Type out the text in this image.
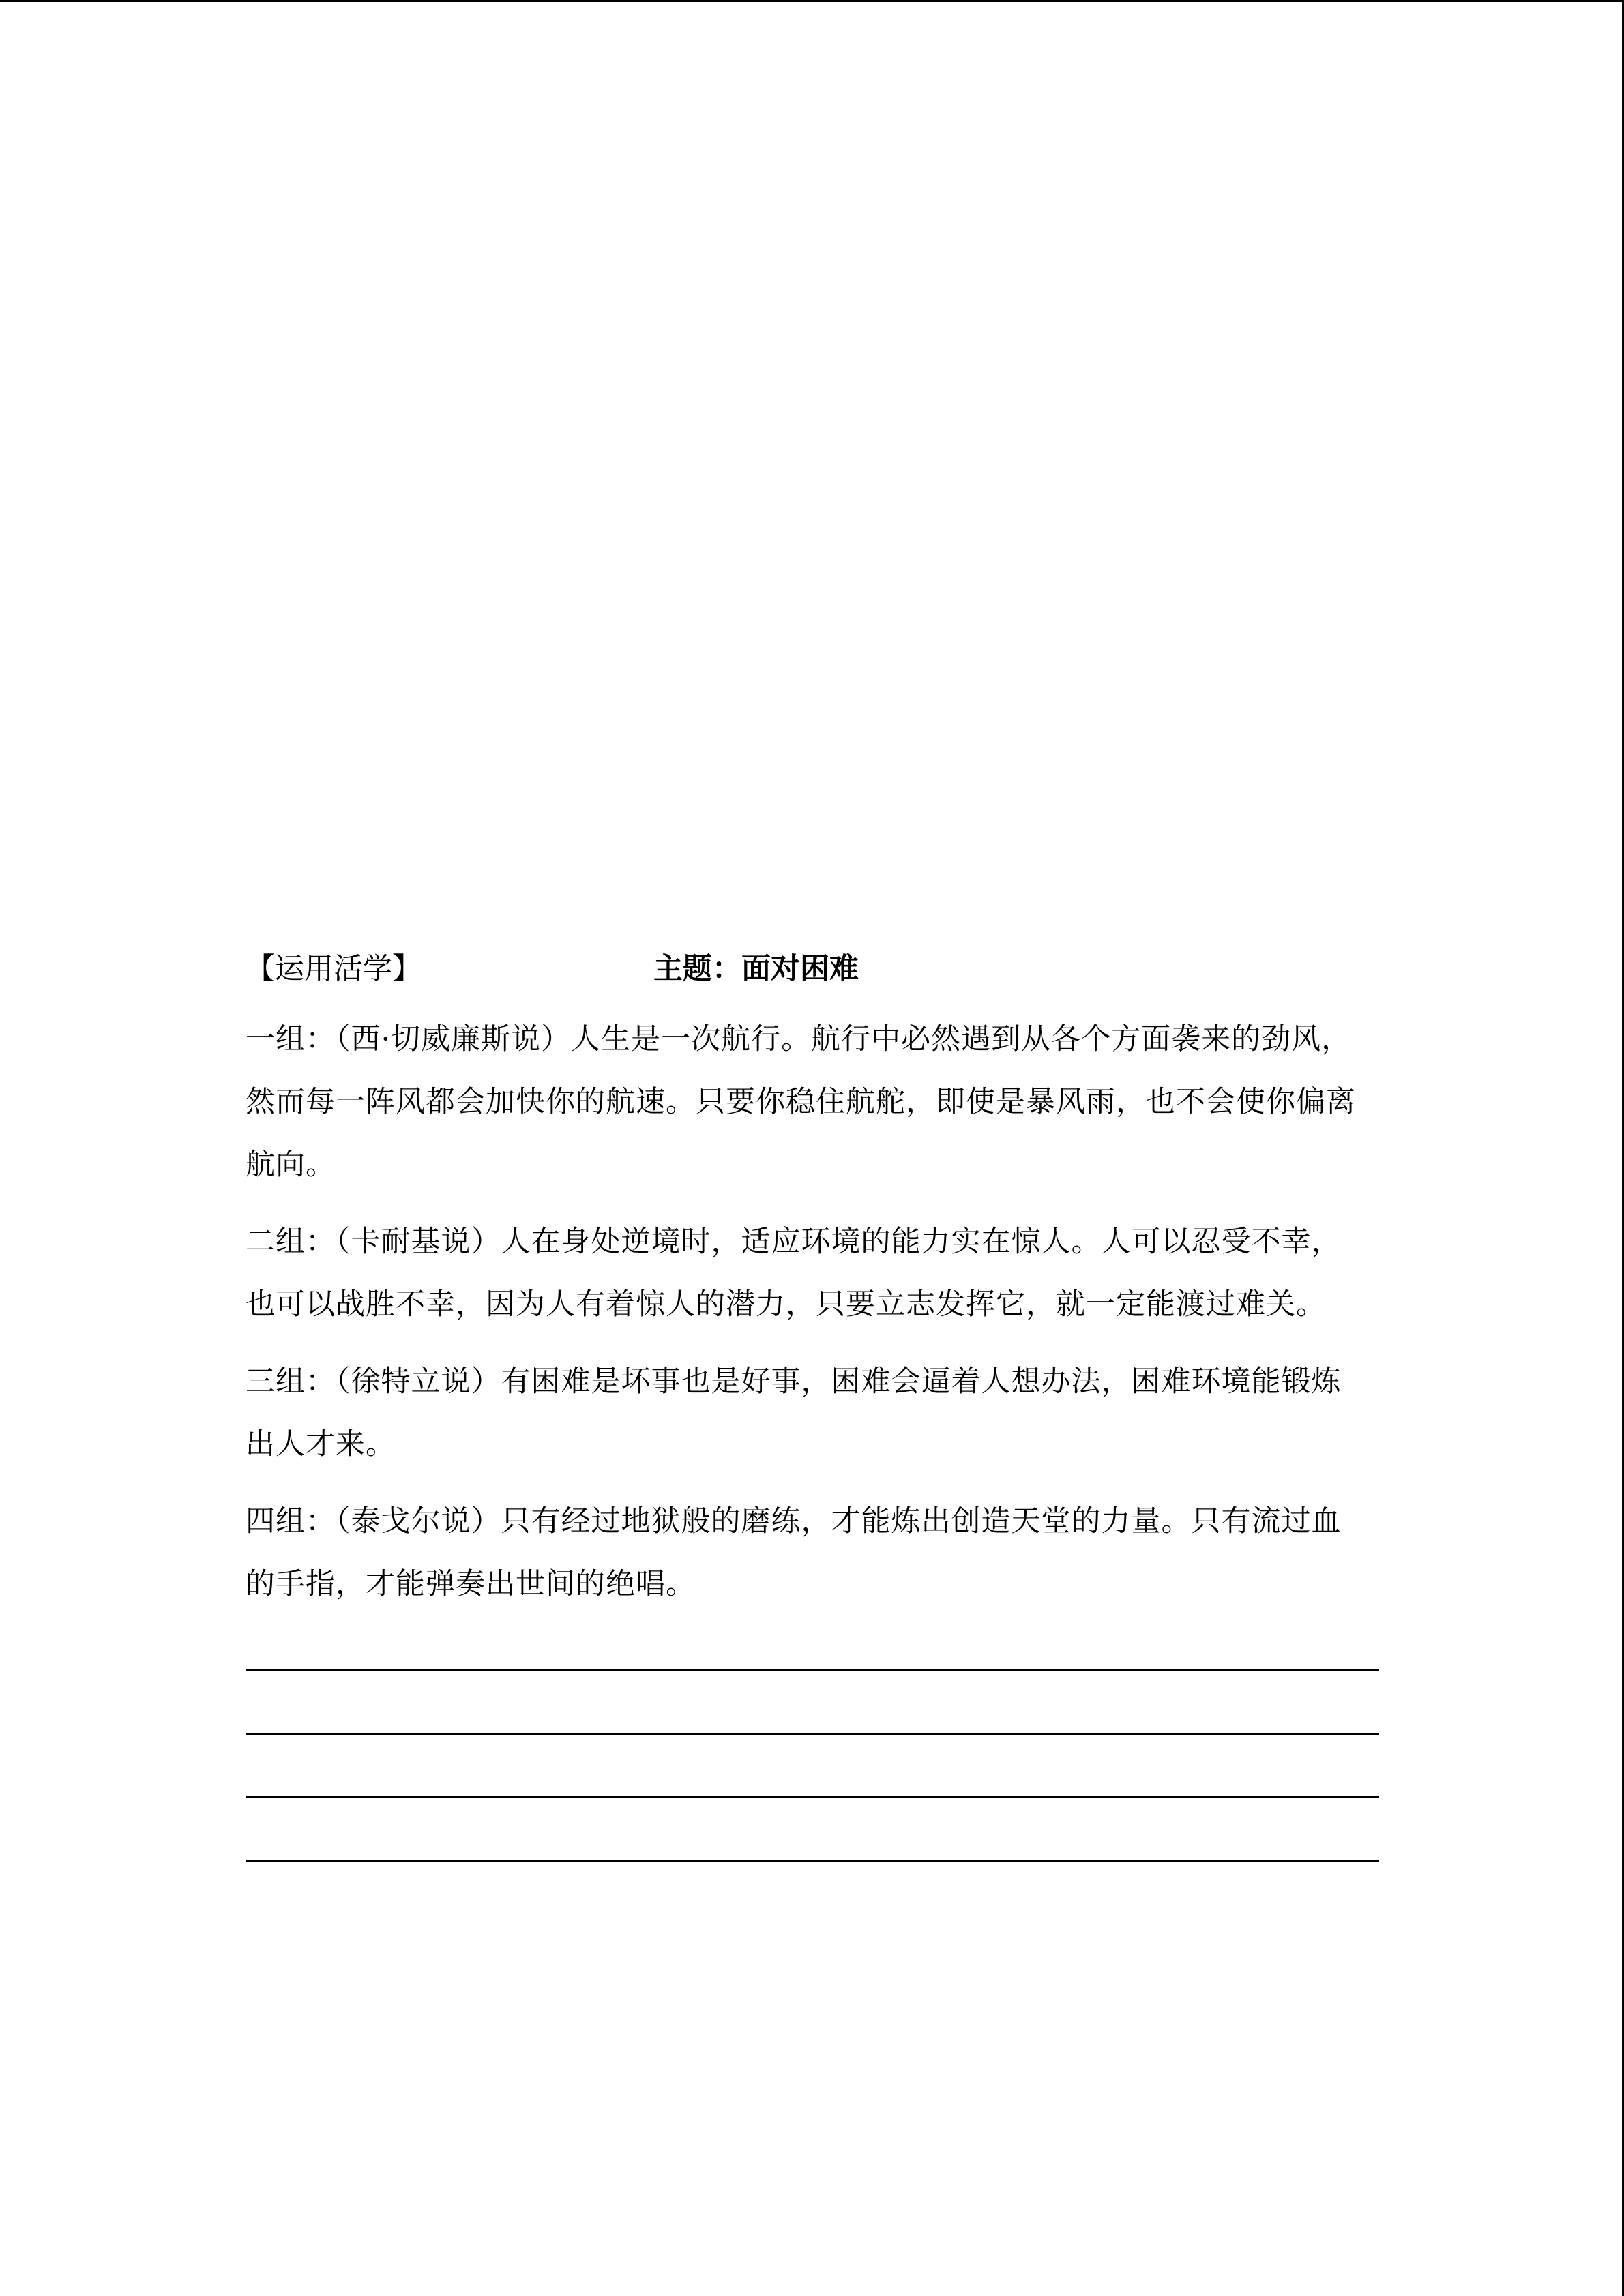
【运用活学】	主题：面对困难

一组：（西·切威廉斯说）人生是一次航行。航行中必然遇到从各个方面袭来的劲风，然而每一阵风都会加快你的航速。只要你稳住航舵，即使是暴风雨，也不会使你偏离航向。

二组：（卡耐基说）人在身处逆境时，适应环境的能力实在惊人。人可以忍受不幸，也可以战胜不幸，因为人有着惊人的潜力，只要立志发挥它，就一定能渡过难关。

三组：（徐特立说）有困难是坏事也是好事，困难会逼着人想办法，困难环境能锻炼出人才来。

四组：（泰戈尔说）只有经过地狱般的磨练，才能炼出创造天堂的力量。只有流过血的手指，才能弹奏出世间的绝唱。
